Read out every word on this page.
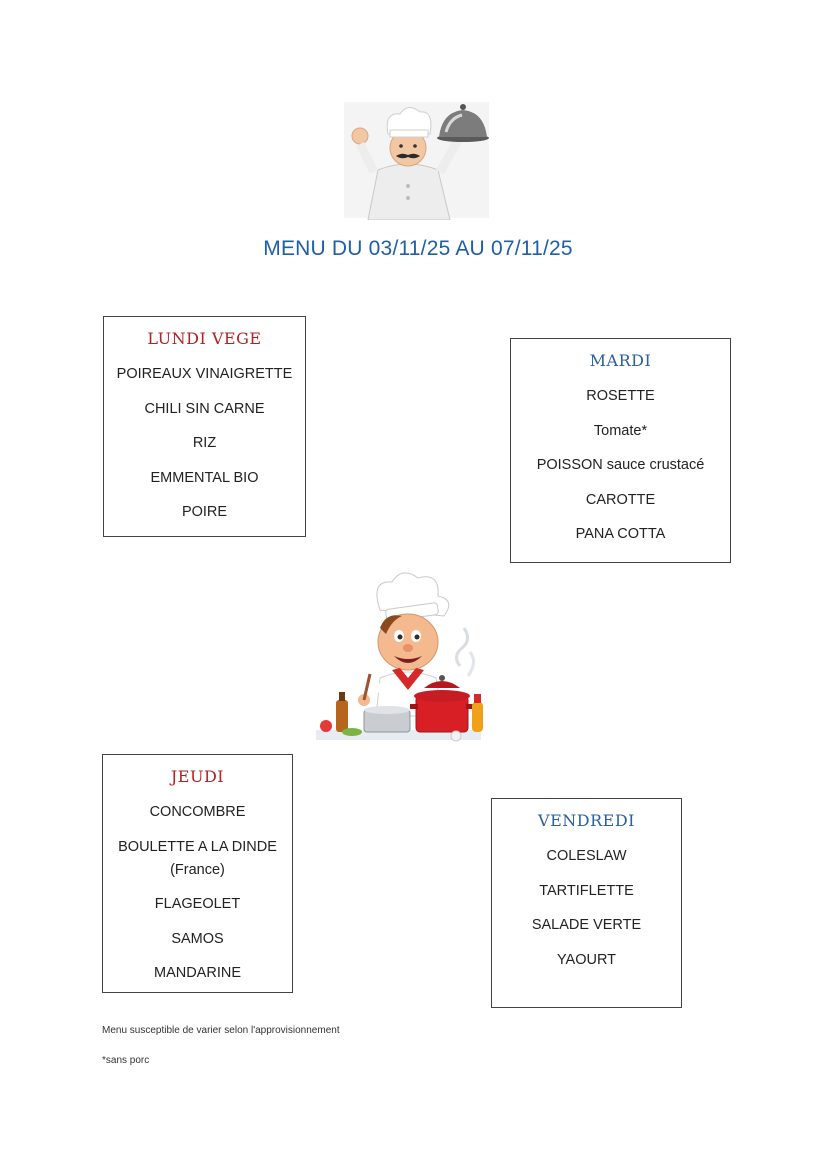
MENU DU 03/11/25 AU 07/11/25
LUNDI VEGE
POIREAUX VINAIGRETTE
CHILI SIN CARNE
RIZ
EMMENTAL BIO
POIRE
MARDI
ROSETTE
Tomate*
POISSON sauce crustacé
CAROTTE
PANA COTTA
JEUDI
CONCOMBRE
BOULETTE A LA DINDE
(France)
FLAGEOLET
SAMOS
MANDARINE
VENDREDI
COLESLAW
TARTIFLETTE
SALADE VERTE
YAOURT
Menu susceptible de varier selon l'approvisionnement
*sans porc
